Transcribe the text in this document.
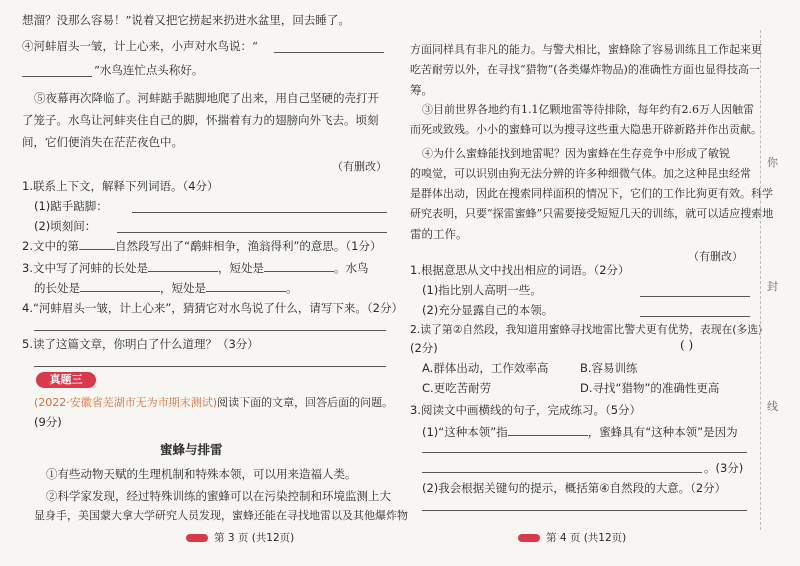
想溜？没那么容易！”说着又把它捞起来扔进水盆里，回去睡了。
④河蚌眉头一皱，计上心来，小声对水鸟说：“
”水鸟连忙点头称好。
⑤夜幕再次降临了。河蚌踮手踮脚地爬了出来，用自己坚硬的壳打开
了笼子。水鸟让河蚌夹住自己的脚，怀揣着有力的翅膀向外飞去。顷刻
间，它们便消失在茫茫夜色中。
（有删改）
1.联系上下文，解释下列词语。（4分）
(1)踮手踮脚：
(2)顷刻间：
2.文中的第	自然段写出了“鹬蚌相争，渔翁得利”的意思。（1分）
3.文中写了河蚌的长处是	，短处是	。水鸟
的长处是	，短处是	。
4.“河蚌眉头一皱，计上心来”，猜猜它对水鸟说了什么，请写下来。（2分）
5.读了这篇文章，你明白了什么道理？（3分）
真题三
(2022·安徽省芜湖市无为市期末测试)阅读下面的文章，回答后面的问题。
(9分)
蜜蜂与排雷
①有些动物天赋的生理机制和特殊本领，可以用来造福人类。
②科学家发现，经过特殊训练的蜜蜂可以在污染控制和环境监测上大
显身手，美国蒙大拿大学研究人员发现，蜜蜂还能在寻找地雷以及其他爆炸物
第 3 页 (共12页)
方面同样具有非凡的能力。与警犬相比，蜜蜂除了容易训练且工作起来更
吃苦耐劳以外，在寻找“猎物”(各类爆炸物品)的准确性方面也显得技高一
筹。
③目前世界各地约有1.1亿颗地雷等待排除，每年约有2.6万人因触雷
而死或致残。小小的蜜蜂可以为搜寻这些重大隐患开辟新路并作出贡献。
④为什么蜜蜂能找到地雷呢？因为蜜蜂在生存竞争中形成了敏锐
的嗅觉，可以识别由狗无法分辨的许多种细微气体。加之这种昆虫经常
是群体出动，因此在搜索同样面积的情况下，它们的工作比狗更有效。科学
研究表明，只要“探雷蜜蜂”只需要接受短短几天的训练，就可以适应搜索地
雷的工作。
（有删改）
1.根据意思从文中找出相应的词语。（2分）
(1)指比别人高明一些。
(2)充分显露自己的本领。
2.读了第②自然段，我知道用蜜蜂寻找地雷比警犬更有优势，表现在(多选)
(2分)	( )
A.群体出动，工作效率高	B.容易训练
C.更吃苦耐劳	D.寻找“猎物”的准确性更高
3.阅读文中画横线的句子，完成练习。（5分）
(1)“这种本领”指	，蜜蜂具有“这种本领”是因为
。(3分)
(2)我会根据关键句的提示，概括第④自然段的大意。（2分）
第 4 页 (共12页)
你
封
线
